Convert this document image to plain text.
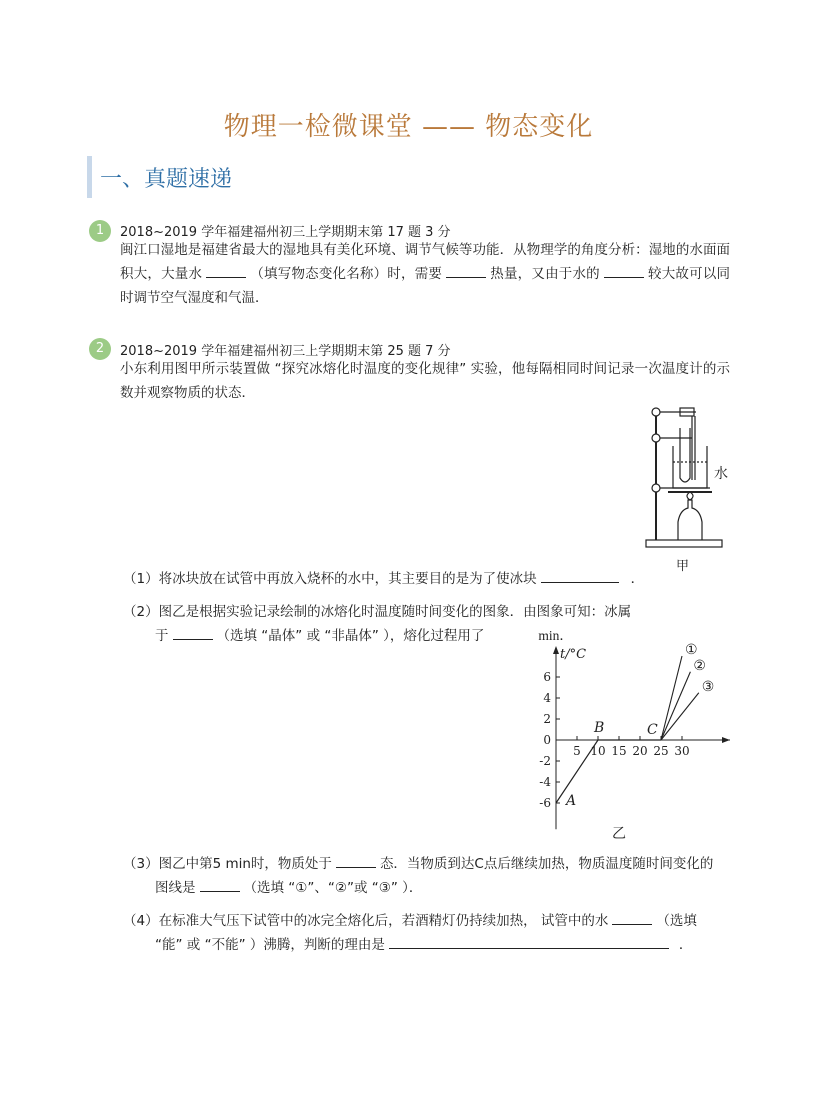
物理一检微课堂 —— 物态变化
一、真题速递
1	2018~2019 学年福建福州初三上学期期末第 17 题 3 分
闽江口湿地是福建省最大的湿地具有美化环境、调节气候等功能．从物理学的角度分析：湿地的水面面积大，大量水	（填写物态变化名称）时，需要	热量，又由于水的	较大故可以同时调节空气湿度和气温．
2	2018~2019 学年福建福州初三上学期期末第 25 题 7 分
小东利用图甲所示装置做 “探究冰熔化时温度的变化规律” 实验，他每隔相同时间记录一次温度计的示数并观察物质的状态．
水
甲
（1）将冰块放在试管中再放入烧杯的水中，其主要目的是为了使冰块	．
（2）图乙是根据实验记录绘制的冰熔化时温度随时间变化的图象．由图象可知：冰属
于	（选填 “晶体” 或 “非晶体” ），熔化过程用了	min．
t/°C
6
4
2
0
-2
-4
-6
5 10 15 20 25 30
A
B	C
①
②
③
乙
（3）图乙中第5 min时，物质处于	态．当物质到达C点后继续加热，物质温度随时间变化的
图线是	（选填 “①”、“②”或 “③” ）．
（4）在标准大气压下试管中的冰完全熔化后，若酒精灯仍持续加热， 试管中的水	（选填
“能” 或 “不能” ）沸腾，判断的理由是	．
